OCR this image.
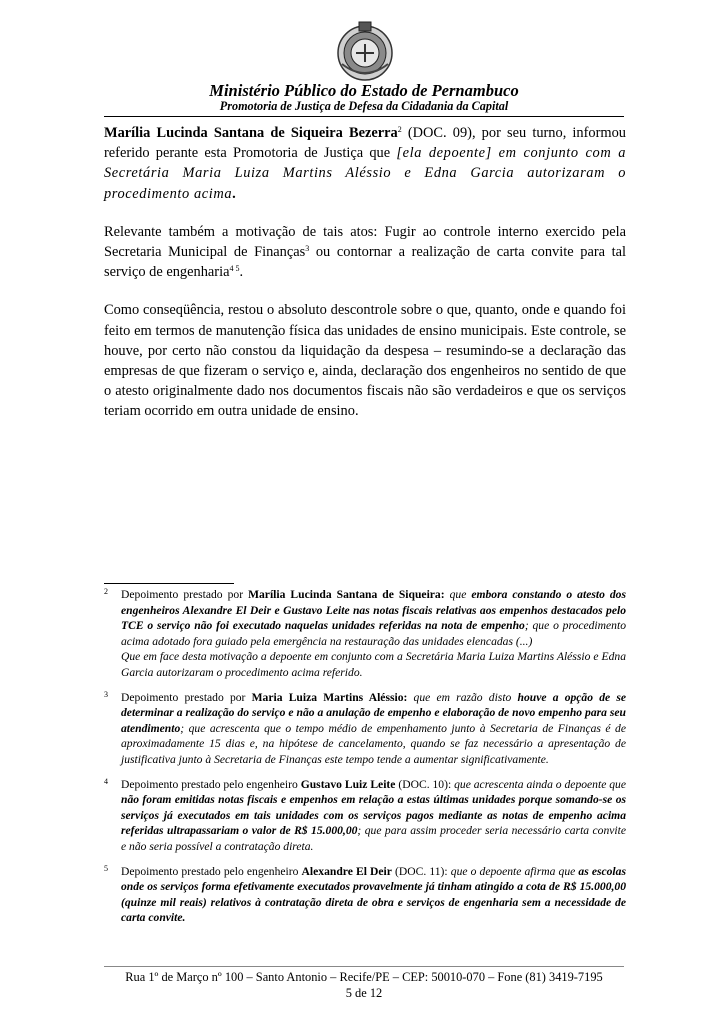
Ministério Público do Estado de Pernambuco
Promotoria de Justiça de Defesa da Cidadania da Capital

Marília Lucinda Santana de Siqueira Bezerra$^2$ (DOC. 09), por seu turno, informou referido perante esta Promotoria de Justiça que [ela depoente] em conjunto com a Secretária Maria Luiza Martins Aléssio e Edna Garcia autorizaram o procedimento acima.

Relevante também a motivação de tais atos: Fugir ao controle interno exercido pela Secretaria Municipal de Finanças$^3$ ou contornar a realização de carta convite para tal serviço de engenharia$^{4 5}$.

Como conseqüência, restou o absoluto descontrole sobre o que, quanto, onde e quando foi feito em termos de manutenção física das unidades de ensino municipais. Este controle, se houve, por certo não constou da liquidação da despesa – resumindo-se a declaração das empresas de que fizeram o serviço e, ainda, declaração dos engenheiros no sentido de que o atesto originalmente dado nos documentos fiscais não são verdadeiros e que os serviços teriam ocorrido em outra unidade de ensino.

2 Depoimento prestado por Marília Lucinda Santana de Siqueira: que embora constando o atesto dos engenheiros Alexandre El Deir e Gustavo Leite nas notas fiscais relativas aos empenhos destacados pelo TCE o serviço não foi executado naquelas unidades referidas na nota de empenho; que o procedimento acima adotado fora guiado pela emergência na restauração das unidades elencadas (...)
Que em face desta motivação a depoente em conjunto com a Secretária Maria Luiza Martins Aléssio e Edna Garcia autorizaram o procedimento acima referido.
3 Depoimento prestado por Maria Luiza Martins Aléssio: que em razão disto houve a opção de se determinar a realização do serviço e não a anulação de empenho e elaboração de novo empenho para seu atendimento; que acrescenta que o tempo médio de empenhamento junto à Secretaria de Finanças é de aproximadamente 15 dias e, na hipótese de cancelamento, quando se faz necessário a apresentação de justificativa junto à Secretaria de Finanças este tempo tende a aumentar significativamente.
4 Depoimento prestado pelo engenheiro Gustavo Luiz Leite (DOC. 10): que acrescenta ainda o depoente que não foram emitidas notas fiscais e empenhos em relação a estas últimas unidades porque somando-se os serviços já executados em tais unidades com os serviços pagos mediante as notas de empenho acima referidas ultrapassariam o valor de R$ 15.000,00; que para assim proceder seria necessário carta convite e não seria possível a contratação direta.
5 Depoimento prestado pelo engenheiro Alexandre El Deir (DOC. 11): que o depoente afirma que as escolas onde os serviços forma efetivamente executados provavelmente já tinham atingido a cota de R$ 15.000,00 (quinze mil reais) relativos à contratação direta de obra e serviços de engenharia sem a necessidade de carta convite.
Rua 1º de Março nº 100 – Santo Antonio – Recife/PE – CEP: 50010-070 – Fone (81) 3419-7195
5 de 12
